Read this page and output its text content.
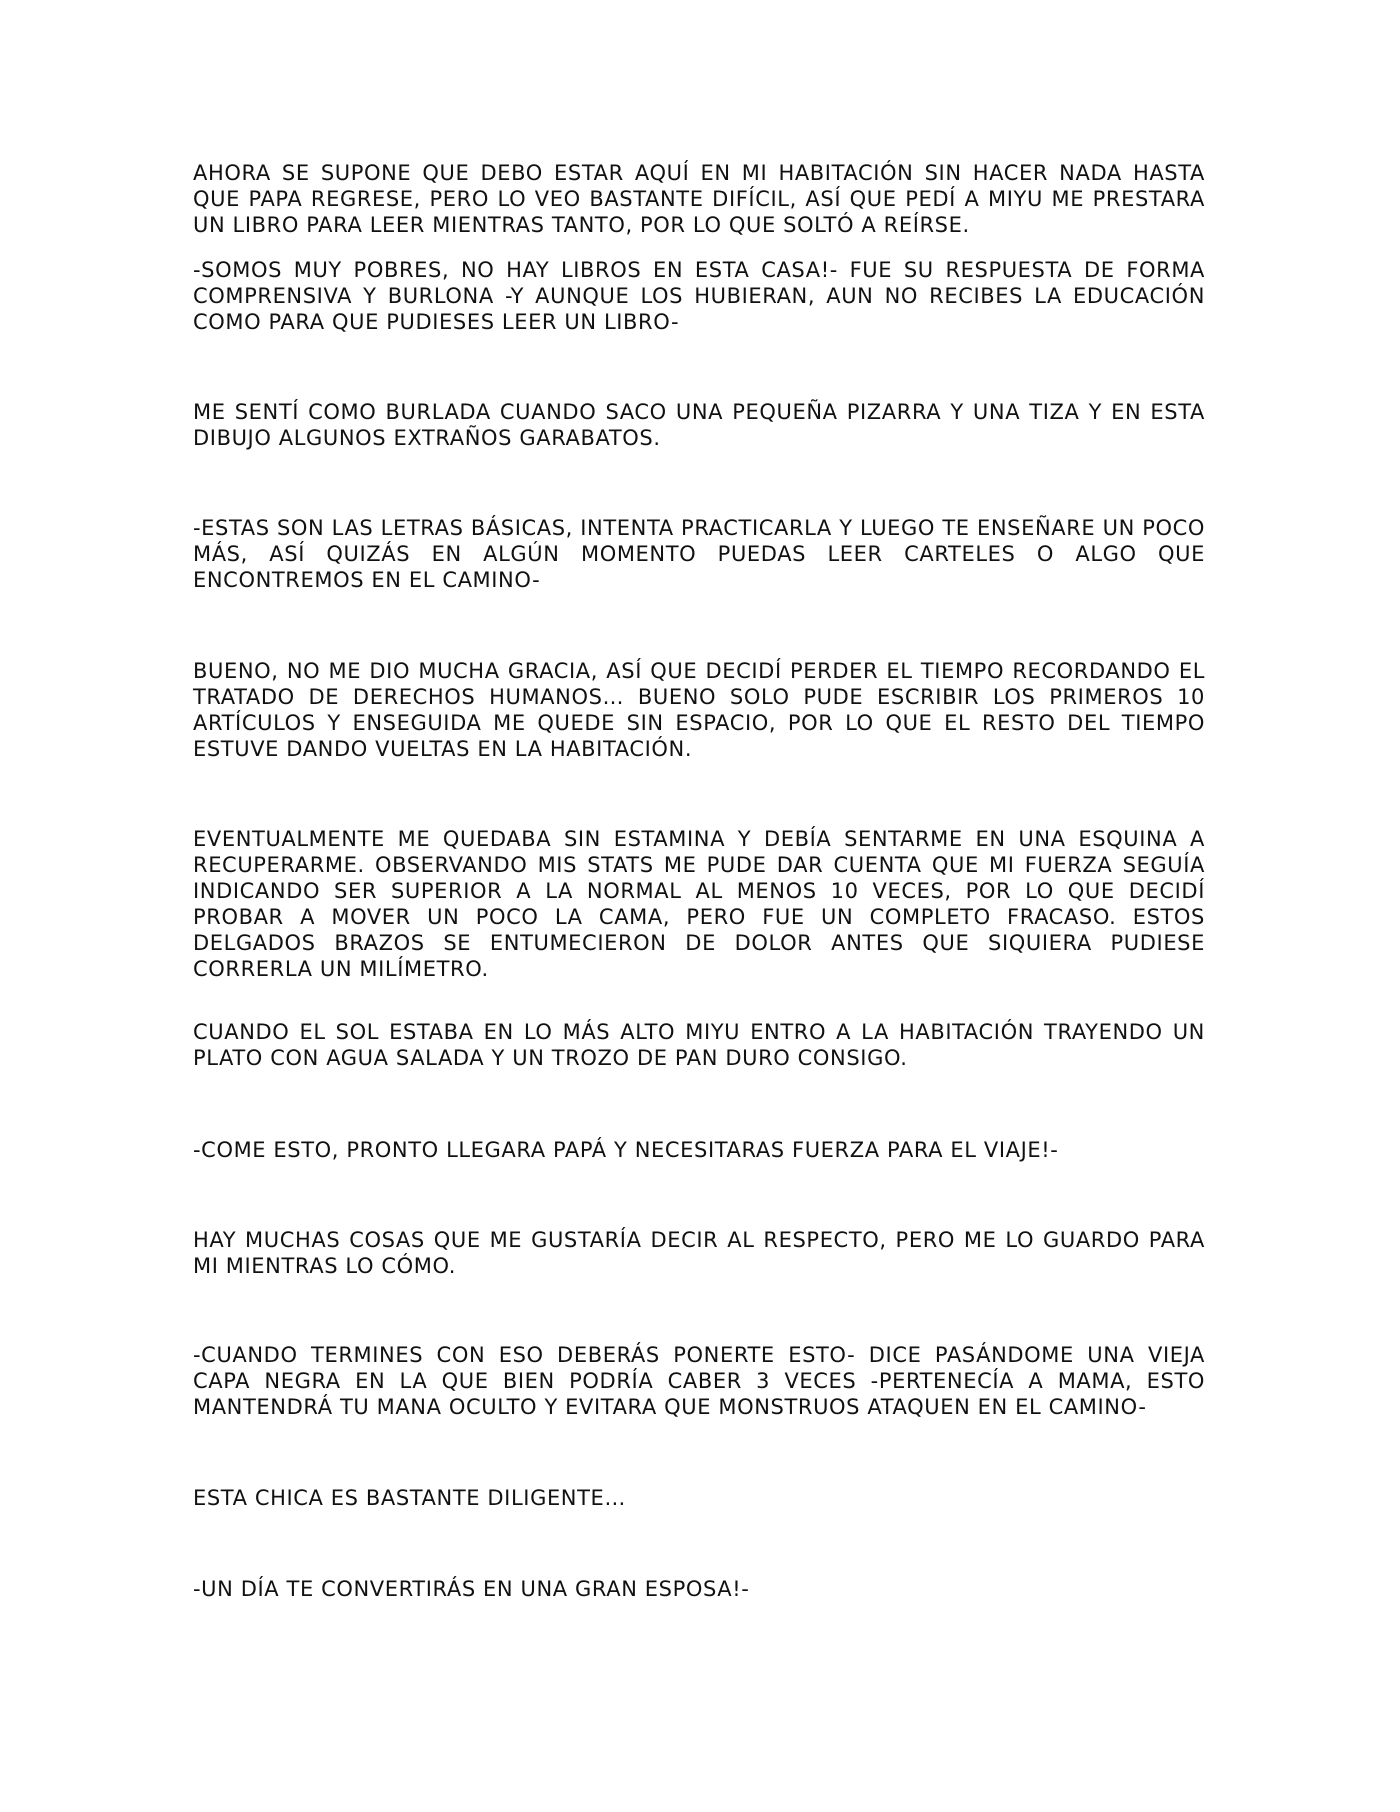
AHORA SE SUPONE QUE DEBO ESTAR AQUÍ EN MI HABITACIÓN SIN HACER NADA HASTA QUE PAPA REGRESE, PERO LO VEO BASTANTE DIFÍCIL, ASÍ QUE PEDÍ A MIYU ME PRESTARA UN LIBRO PARA LEER MIENTRAS TANTO, POR LO QUE SOLTÓ A REÍRSE.

-SOMOS MUY POBRES, NO HAY LIBROS EN ESTA CASA!- FUE SU RESPUESTA DE FORMA COMPRENSIVA Y BURLONA -Y AUNQUE LOS HUBIERAN, AUN NO RECIBES LA EDUCACIÓN COMO PARA QUE PUDIESES LEER UN LIBRO-

ME SENTÍ COMO BURLADA CUANDO SACO UNA PEQUEÑA PIZARRA Y UNA TIZA Y EN ESTA DIBUJO ALGUNOS EXTRAÑOS GARABATOS.

-ESTAS SON LAS LETRAS BÁSICAS, INTENTA PRACTICARLA Y LUEGO TE ENSEÑARE UN POCO MÁS, ASÍ QUIZÁS EN ALGÚN MOMENTO PUEDAS LEER CARTELES O ALGO QUE ENCONTREMOS EN EL CAMINO-

BUENO, NO ME DIO MUCHA GRACIA, ASÍ QUE DECIDÍ PERDER EL TIEMPO RECORDANDO EL TRATADO DE DERECHOS HUMANOS… BUENO SOLO PUDE ESCRIBIR LOS PRIMEROS 10 ARTÍCULOS Y ENSEGUIDA ME QUEDE SIN ESPACIO, POR LO QUE EL RESTO DEL TIEMPO ESTUVE DANDO VUELTAS EN LA HABITACIÓN.

EVENTUALMENTE ME QUEDABA SIN ESTAMINA Y DEBÍA SENTARME EN UNA ESQUINA A RECUPERARME. OBSERVANDO MIS STATS ME PUDE DAR CUENTA QUE MI FUERZA SEGUÍA INDICANDO SER SUPERIOR A LA NORMAL AL MENOS 10 VECES, POR LO QUE DECIDÍ PROBAR A MOVER UN POCO LA CAMA, PERO FUE UN COMPLETO FRACASO. ESTOS DELGADOS BRAZOS SE ENTUMECIERON DE DOLOR ANTES QUE SIQUIERA PUDIESE CORRERLA UN MILÍMETRO.

CUANDO EL SOL ESTABA EN LO MÁS ALTO MIYU ENTRO A LA HABITACIÓN TRAYENDO UN PLATO CON AGUA SALADA Y UN TROZO DE PAN DURO CONSIGO.

-COME ESTO, PRONTO LLEGARA PAPÁ Y NECESITARAS FUERZA PARA EL VIAJE!-

HAY MUCHAS COSAS QUE ME GUSTARÍA DECIR AL RESPECTO, PERO ME LO GUARDO PARA MI MIENTRAS LO CÓMO.

-CUANDO TERMINES CON ESO DEBERÁS PONERTE ESTO- DICE PASÁNDOME UNA VIEJA CAPA NEGRA EN LA QUE BIEN PODRÍA CABER 3 VECES -PERTENECÍA A MAMA, ESTO MANTENDRÁ TU MANA OCULTO Y EVITARA QUE MONSTRUOS ATAQUEN EN EL CAMINO-

ESTA CHICA ES BASTANTE DILIGENTE…

-UN DÍA TE CONVERTIRÁS EN UNA GRAN ESPOSA!-
